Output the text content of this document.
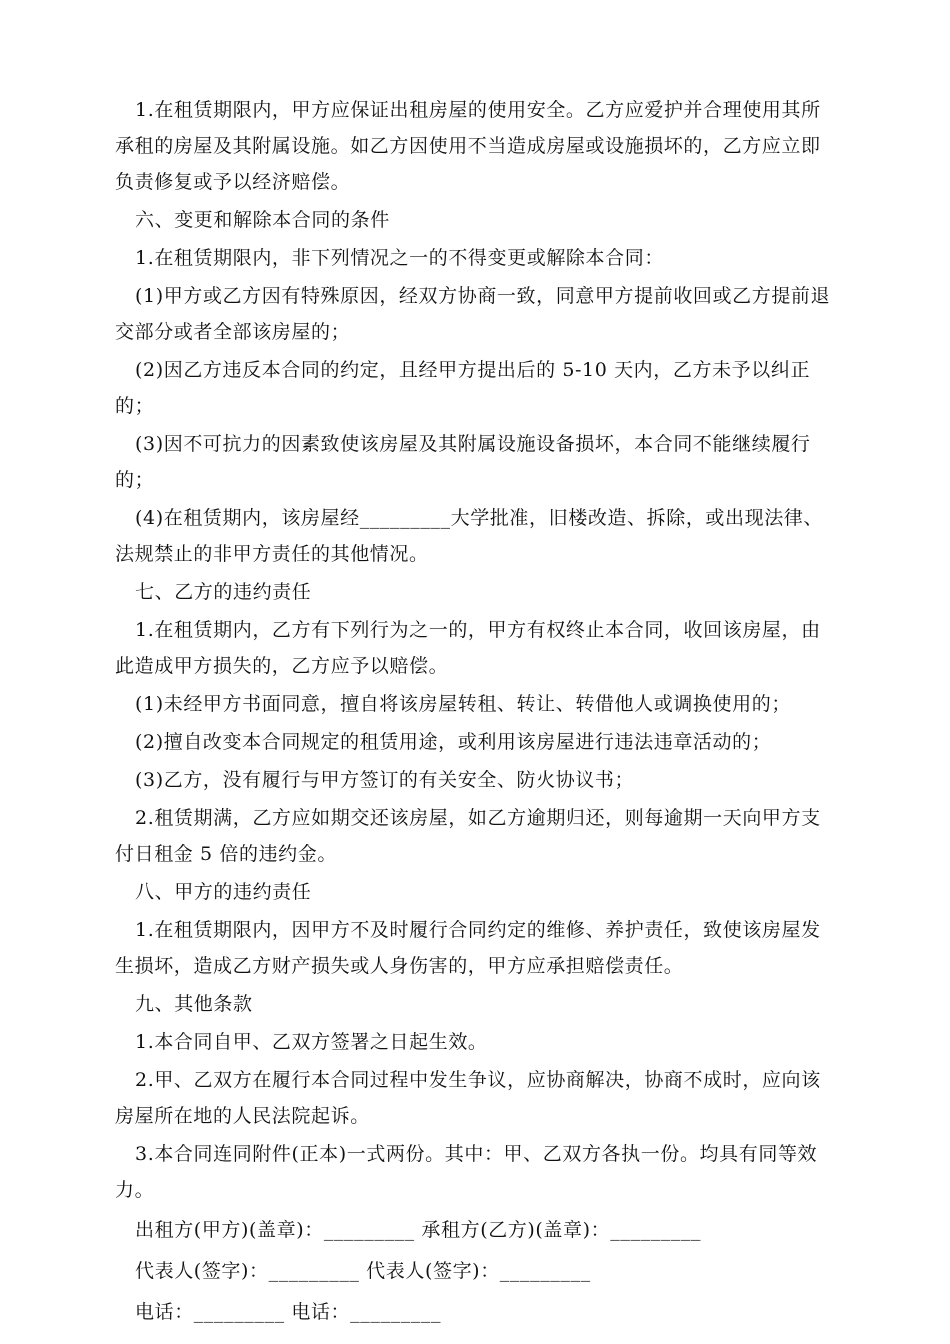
1.在租赁期限内，甲方应保证出租房屋的使用安全。乙方应爱护并合理使用其所承租的房屋及其附属设施。如乙方因使用不当造成房屋或设施损坏的，乙方应立即负责修复或予以经济赔偿。

六、变更和解除本合同的条件

1.在租赁期限内，非下列情况之一的不得变更或解除本合同：

(1)甲方或乙方因有特殊原因，经双方协商一致，同意甲方提前收回或乙方提前退交部分或者全部该房屋的；

(2)因乙方违反本合同的约定，且经甲方提出后的 5-10 天内，乙方未予以纠正的；

(3)因不可抗力的因素致使该房屋及其附属设施设备损坏，本合同不能继续履行的；

(4)在租赁期内，该房屋经_________大学批准，旧楼改造、拆除，或出现法律、法规禁止的非甲方责任的其他情况。

七、乙方的违约责任

1.在租赁期内，乙方有下列行为之一的，甲方有权终止本合同，收回该房屋，由此造成甲方损失的，乙方应予以赔偿。

(1)未经甲方书面同意，擅自将该房屋转租、转让、转借他人或调换使用的；

(2)擅自改变本合同规定的租赁用途，或利用该房屋进行违法违章活动的；

(3)乙方，没有履行与甲方签订的有关安全、防火协议书；

2.租赁期满，乙方应如期交还该房屋，如乙方逾期归还，则每逾期一天向甲方支付日租金 5 倍的违约金。

八、甲方的违约责任

1.在租赁期限内，因甲方不及时履行合同约定的维修、养护责任，致使该房屋发生损坏，造成乙方财产损失或人身伤害的，甲方应承担赔偿责任。

九、其他条款

1.本合同自甲、乙双方签署之日起生效。

2.甲、乙双方在履行本合同过程中发生争议，应协商解决，协商不成时，应向该房屋所在地的人民法院起诉。

3.本合同连同附件(正本)一式两份。其中：甲、乙双方各执一份。均具有同等效力。

出租方(甲方)(盖章)：_________ 承租方(乙方)(盖章)：_________

代表人(签字)：_________ 代表人(签字)：_________

电话：_________ 电话：_________
